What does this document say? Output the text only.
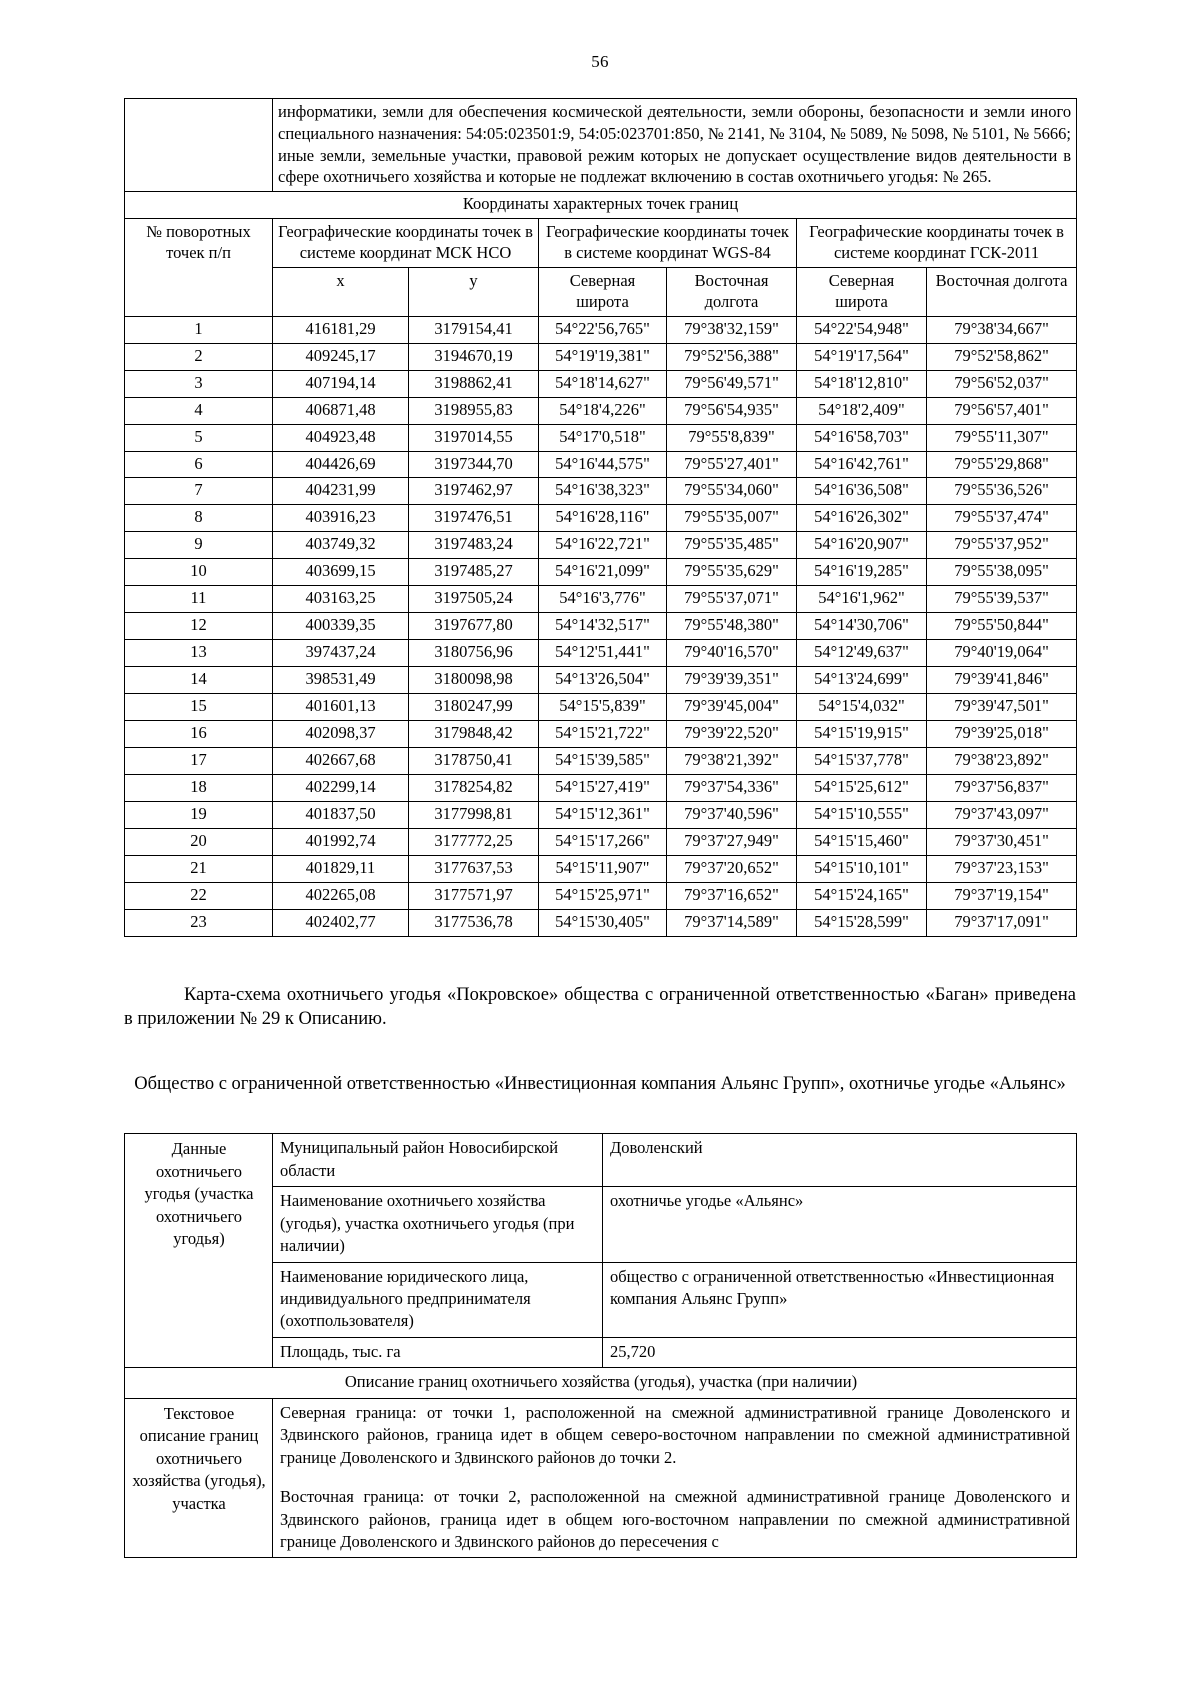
56

	информатики, земли для обеспечения космической деятельности, земли обороны, безопасности и земли иного специального назначения: 54:05:023501:9, 54:05:023701:850, № 2141, № 3104, № 5089, № 5098, № 5101, № 5666;

иные земли, земельные участки, правовой режим которых не допускает осуществление видов деятельности в сфере охотничьего хозяйства и которые не подлежат включению в состав охотничьего угодья: № 265.					

Координаты характерных точек границ						
№ поворотных точек п/п	Географические координаты точек в системе координат МСК НСО		Географические координаты точек в системе координат WGS-84		Географические координаты точек в системе координат ГСК-2011	
	x	y	Северная широта	Восточная долгота	Северная широта	Восточная долгота
1	416181,29	3179154,41	54°22'56,765"	79°38'32,159"	54°22'54,948"	79°38'34,667"
2	409245,17	3194670,19	54°19'19,381"	79°52'56,388"	54°19'17,564"	79°52'58,862"
3	407194,14	3198862,41	54°18'14,627"	79°56'49,571"	54°18'12,810"	79°56'52,037"
4	406871,48	3198955,83	54°18'4,226"	79°56'54,935"	54°18'2,409"	79°56'57,401"
5	404923,48	3197014,55	54°17'0,518"	79°55'8,839"	54°16'58,703"	79°55'11,307"
6	404426,69	3197344,70	54°16'44,575"	79°55'27,401"	54°16'42,761"	79°55'29,868"
7	404231,99	3197462,97	54°16'38,323"	79°55'34,060"	54°16'36,508"	79°55'36,526"
8	403916,23	3197476,51	54°16'28,116"	79°55'35,007"	54°16'26,302"	79°55'37,474"
9	403749,32	3197483,24	54°16'22,721"	79°55'35,485"	54°16'20,907"	79°55'37,952"
10	403699,15	3197485,27	54°16'21,099"	79°55'35,629"	54°16'19,285"	79°55'38,095"
11	403163,25	3197505,24	54°16'3,776"	79°55'37,071"	54°16'1,962"	79°55'39,537"
12	400339,35	3197677,80	54°14'32,517"	79°55'48,380"	54°14'30,706"	79°55'50,844"
13	397437,24	3180756,96	54°12'51,441"	79°40'16,570"	54°12'49,637"	79°40'19,064"
14	398531,49	3180098,98	54°13'26,504"	79°39'39,351"	54°13'24,699"	79°39'41,846"
15	401601,13	3180247,99	54°15'5,839"	79°39'45,004"	54°15'4,032"	79°39'47,501"
16	402098,37	3179848,42	54°15'21,722"	79°39'22,520"	54°15'19,915"	79°39'25,018"
17	402667,68	3178750,41	54°15'39,585"	79°38'21,392"	54°15'37,778"	79°38'23,892"
18	402299,14	3178254,82	54°15'27,419"	79°37'54,336"	54°15'25,612"	79°37'56,837"
19	401837,50	3177998,81	54°15'12,361"	79°37'40,596"	54°15'10,555"	79°37'43,097"
20	401992,74	3177772,25	54°15'17,266"	79°37'27,949"	54°15'15,460"	79°37'30,451"
21	401829,11	3177637,53	54°15'11,907"	79°37'20,652"	54°15'10,101"	79°37'23,153"
22	402265,08	3177571,97	54°15'25,971"	79°37'16,652"	54°15'24,165"	79°37'19,154"
23	402402,77	3177536,78	54°15'30,405"	79°37'14,589"	54°15'28,599"	79°37'17,091"

Карта-схема охотничьего угодья «Покровское» общества с ограниченной ответственностью «Баган» приведена в приложении № 29 к Описанию.

Общество с ограниченной ответственностью «Инвестиционная компания Альянс Групп», охотничье угодье «Альянс»
Данные охотничьего угодья (участка охотничьего угодья)	Муниципальный район Новосибирской области	Доволенский
	Наименование охотничьего хозяйства (угодья), участка охотничьего угодья (при наличии)	охотничье угодье «Альянс»
	Наименование юридического лица, индивидуального предпринимателя (охотпользователя)	общество с ограниченной ответственностью «Инвестиционная компания Альянс Групп»
	Площадь, тыс. га	25,720
Описание границ охотничьего хозяйства (угодья), участка (при наличии)		
Текстовое описание границ охотничьего хозяйства (угодья), участка	Северная граница: от точки 1, расположенной на смежной административной границе Доволенского и Здвинского районов, граница идет в общем северо-восточном направлении по смежной административной границе Доволенского и Здвинского районов до точки 2.

Восточная граница: от точки 2, расположенной на смежной административной границе Доволенского и Здвинского районов, граница идет в общем юго-восточном направлении по смежной административной границе Доволенского и Здвинского районов до пересечения с	
